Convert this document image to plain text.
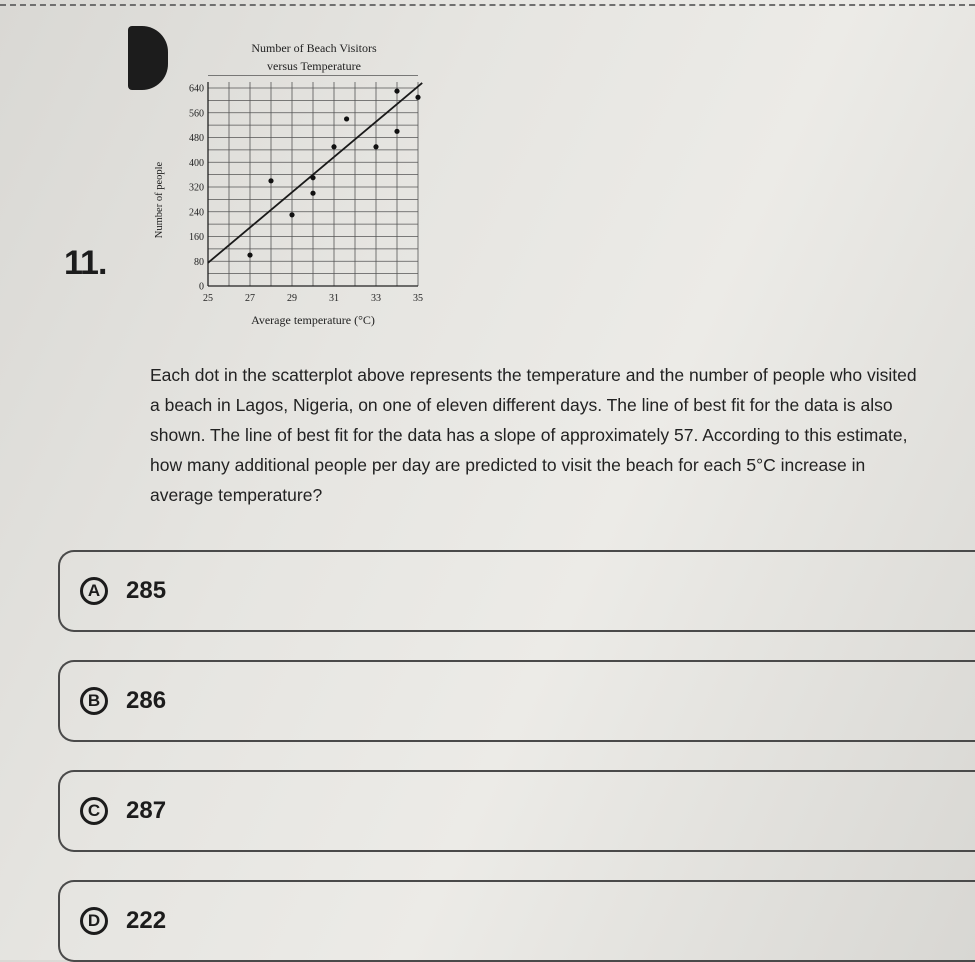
11.
Number of Beach Visitors
versus Temperature
0
80
160
240
320
400
480
560
640
25	27	29	31	33	35
Number of people
Average temperature (°C)
Each dot in the scatterplot above represents the temperature and the number of people who visited a beach in Lagos, Nigeria, on one of eleven different days. The line of best fit for the data is also shown. The line of best fit for the data has a slope of approximately 57. According to this estimate, how many additional people per day are predicted to visit the beach for each 5°C increase in average temperature?
A	285
B	286
C	287
D	222
